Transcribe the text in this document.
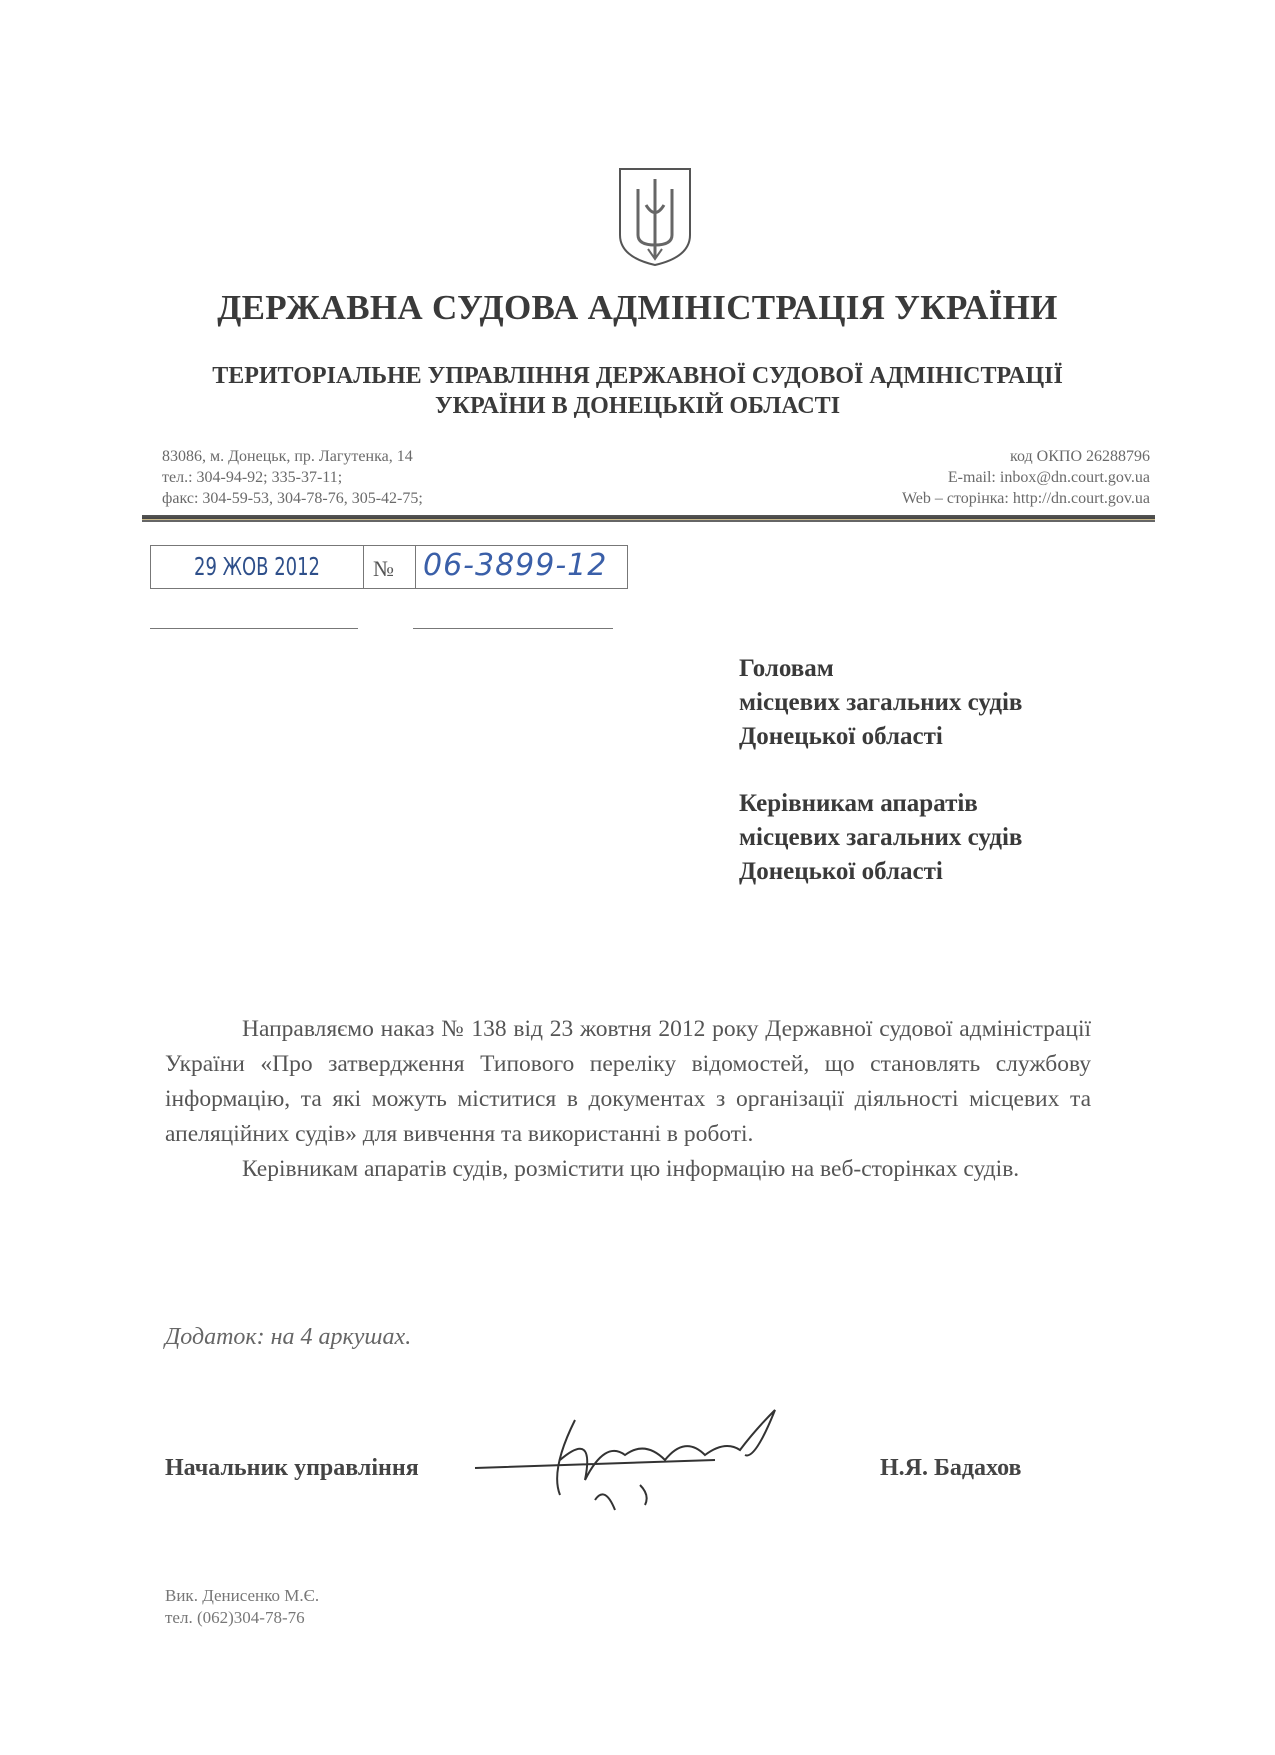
ДЕРЖАВНА СУДОВА АДМІНІСТРАЦІЯ УКРАЇНИ
ТЕРИТОРІАЛЬНЕ УПРАВЛІННЯ ДЕРЖАВНОЇ СУДОВОЇ АДМІНІСТРАЦІЇ
УКРАЇНИ В ДОНЕЦЬКІЙ ОБЛАСТІ
83086, м. Донецьк, пр. Лагутенка, 14
тел.: 304-94-92; 335-37-11;
факс: 304-59-53, 304-78-76, 305-42-75;
код ОКПО 26288796
E-mail: inbox@dn.court.gov.ua
Web – сторінка: http://dn.court.gov.ua
29 ЖОВ 2012	№ 06-3899-12
Головам
місцевих загальних судів
Донецької області
Керівникам апаратів
місцевих загальних судів
Донецької області

Направляємо наказ № 138 від 23 жовтня 2012 року Державної судової адміністрації України «Про затвердження Типового переліку відомостей, що становлять службову інформацію, та які можуть міститися в документах з організації діяльності місцевих та апеляційних судів» для вивчення та використанні в роботі.

Керівникам апаратів судів, розмістити цю інформацію на веб-сторінках судів.

Додаток: на 4 аркушах.
Начальник управління	Н.Я. Бадахов
Вик. Денисенко М.Є.
тел. (062)304-78-76
